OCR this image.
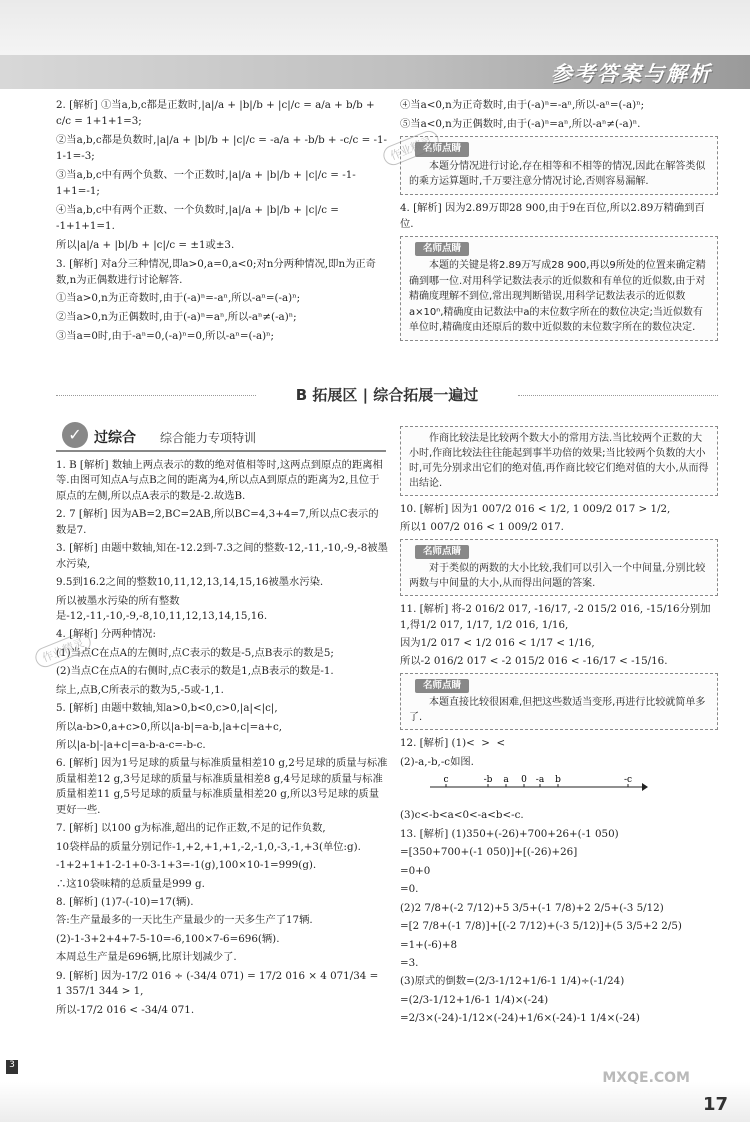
参考答案与解析

2. [解析] ①当a,b,c都是正数时,|a|/a + |b|/b + |c|/c = a/a + b/b + c/c = 1+1+1=3;

②当a,b,c都是负数时,|a|/a + |b|/b + |c|/c = -a/a + -b/b + -c/c = -1-1-1=-3;

③当a,b,c中有两个负数、一个正数时,|a|/a + |b|/b + |c|/c = -1-1+1=-1;

④当a,b,c中有两个正数、一个负数时,|a|/a + |b|/b + |c|/c = -1+1+1=1.

所以|a|/a + |b|/b + |c|/c = ±1或±3.

3. [解析] 对a分三种情况,即a>0,a=0,a<0;对n分两种情况,即n为正奇数,n为正偶数进行讨论解答.

①当a>0,n为正奇数时,由于(-a)ⁿ=-aⁿ,所以-aⁿ=(-a)ⁿ;

②当a>0,n为正偶数时,由于(-a)ⁿ=aⁿ,所以-aⁿ≠(-a)ⁿ;

③当a=0时,由于-aⁿ=0,(-a)ⁿ=0,所以-aⁿ=(-a)ⁿ;

④当a<0,n为正奇数时,由于(-a)ⁿ=-aⁿ,所以-aⁿ=(-a)ⁿ;

⑤当a<0,n为正偶数时,由于(-a)ⁿ=aⁿ,所以-aⁿ≠(-a)ⁿ.

名师点睛

本题分情况进行讨论,存在相等和不相等的情况,因此在解答类似的乘方运算题时,千万要注意分情况讨论,否则容易漏解.

4. [解析] 因为2.89万即28 900,由于9在百位,所以2.89万精确到百位.

名师点睛

本题的关键是将2.89万写成28 900,再以9所处的位置来确定精确到哪一位.对用科学记数法表示的近似数和有单位的近似数,由于对精确度理解不到位,常出现判断错误,用科学记数法表示的近似数a×10ⁿ,精确度由记数法中a的末位数字所在的数位决定;当近似数有单位时,精确度由还原后的数中近似数的末位数字所在的数位决定.

B 拓展区 | 综合拓展一遍过
✓ 过综合 综合能力专项特训

1. B [解析] 数轴上两点表示的数的绝对值相等时,这两点到原点的距离相等.由图可知点A与点B之间的距离为4,所以点A到原点的距离为2,且位于原点的左侧,所以点A表示的数是-2.故选B.

2. 7 [解析] 因为AB=2,BC=2AB,所以BC=4,3+4=7,所以点C表示的数是7.

3. [解析] 由题中数轴,知在-12.2到-7.3之间的整数-12,-11,-10,-9,-8被墨水污染,

9.5到16.2之间的整数10,11,12,13,14,15,16被墨水污染.

所以被墨水污染的所有整数是-12,-11,-10,-9,-8,10,11,12,13,14,15,16.

4. [解析] 分两种情况:

(1)当点C在点A的左侧时,点C表示的数是-5,点B表示的数是5;

(2)当点C在点A的右侧时,点C表示的数是1,点B表示的数是-1.

综上,点B,C所表示的数为5,-5或-1,1.

5. [解析] 由题中数轴,知a>0,b<0,c>0,|a|<|c|,

所以a-b>0,a+c>0,所以|a-b|=a-b,|a+c|=a+c,

所以|a-b|-|a+c|=a-b-a-c=-b-c.

6. [解析] 因为1号足球的质量与标准质量相差10 g,2号足球的质量与标准质量相差12 g,3号足球的质量与标准质量相差8 g,4号足球的质量与标准质量相差11 g,5号足球的质量与标准质量相差20 g,所以3号足球的质量更好一些.

7. [解析] 以100 g为标准,超出的记作正数,不足的记作负数,

10袋样品的质量分别记作-1,+2,+1,+1,-2,-1,0,-3,-1,+3(单位:g).

-1+2+1+1-2-1+0-3-1+3=-1(g),100×10-1=999(g).

∴这10袋味精的总质量是999 g.

8. [解析] (1)7-(-10)=17(辆).

答:生产量最多的一天比生产量最少的一天多生产了17辆.

(2)-1-3+2+4+7-5-10=-6,100×7-6=696(辆).

本周总生产量是696辆,比原计划减少了.

9. [解析] 因为-17/2 016 ÷ (-34/4 071) = 17/2 016 × 4 071/34 = 1 357/1 344 > 1,

所以-17/2 016 < -34/4 071.

作商比较法是比较两个数大小的常用方法.当比较两个正数的大小时,作商比较法往往能起到事半功倍的效果;当比较两个负数的大小时,可先分别求出它们的绝对值,再作商比较它们绝对值的大小,从而得出结论.

10. [解析] 因为1 007/2 016 < 1/2, 1 009/2 017 > 1/2,

所以1 007/2 016 < 1 009/2 017.

名师点睛

对于类似的两数的大小比较,我们可以引入一个中间量,分别比较两数与中间量的大小,从而得出问题的答案.

11. [解析] 将-2 016/2 017, -16/17, -2 015/2 016, -15/16分别加1,得1/2 017, 1/17, 1/2 016, 1/16,

因为1/2 017 < 1/2 016 < 1/17 < 1/16,

所以-2 016/2 017 < -2 015/2 016 < -16/17 < -15/16.

名师点睛

本题直接比较很困难,但把这些数适当变形,再进行比较就简单多了.

12. [解析] (1)<  >  <

(2)-a,-b,-c如图.

c	-b a 0 -a b	-c

(3)c<-b<a<0<-a<b<-c.

13. [解析] (1)350+(-26)+700+26+(-1 050)

=[350+700+(-1 050)]+[(-26)+26]

=0+0

=0.

(2)2 7/8+(-2 7/12)+5 3/5+(-1 7/8)+2 2/5+(-3 5/12)

=[2 7/8+(-1 7/8)]+[(-2 7/12)+(-3 5/12)]+(5 3/5+2 2/5)

=1+(-6)+8

=3.

(3)原式的倒数=(2/3-1/12+1/6-1 1/4)÷(-1/24)

=(2/3-1/12+1/6-1 1/4)×(-24)

=2/3×(-24)-1/12×(-24)+1/6×(-24)-1 1/4×(-24)

作业精灵
作业精灵
3
MXQE.COM
17
